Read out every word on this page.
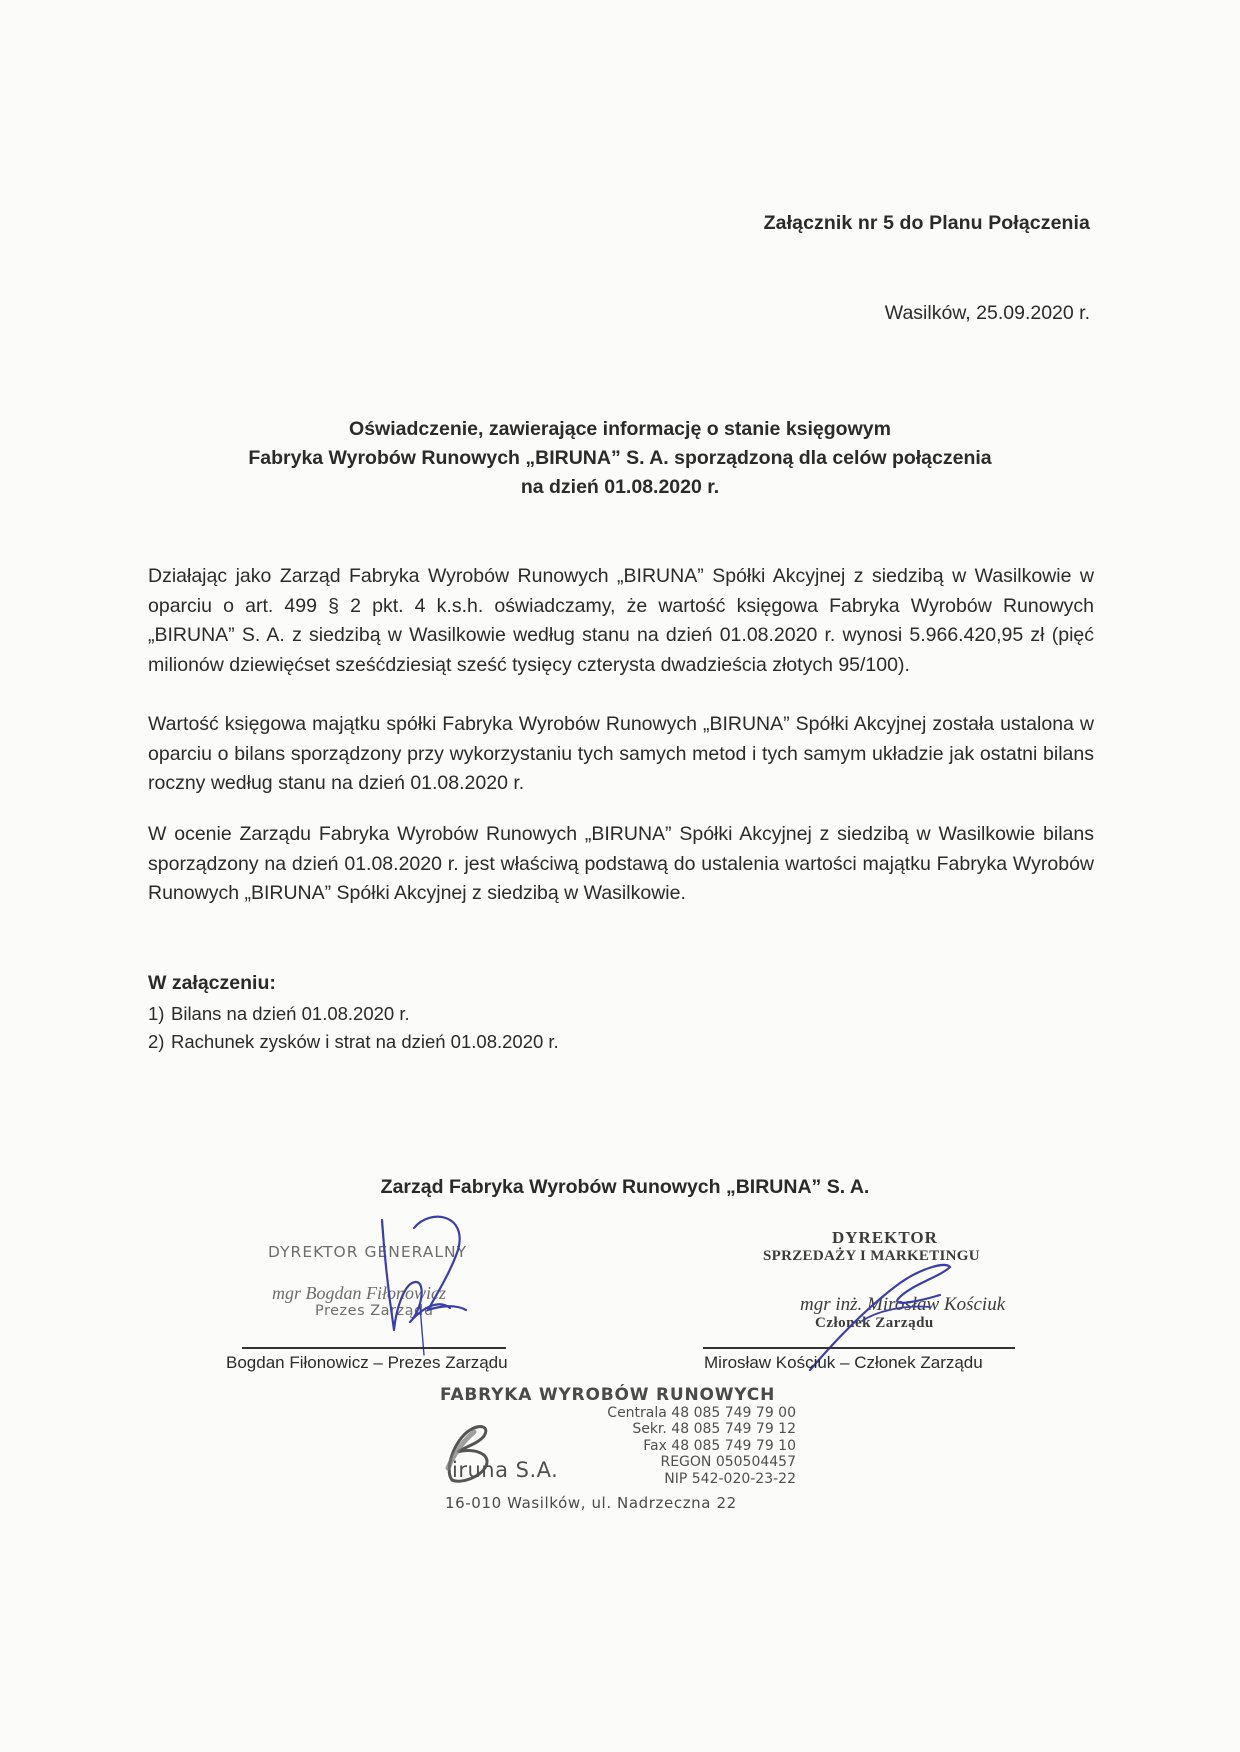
Załącznik nr 5 do Planu Połączenia
Wasilków, 25.09.2020 r.
Oświadczenie, zawierające informację o stanie księgowym
Fabryka Wyrobów Runowych „BIRUNA” S. A. sporządzoną dla celów połączenia
na dzień 01.08.2020 r.

Działając jako Zarząd Fabryka Wyrobów Runowych „BIRUNA” Spółki Akcyjnej z siedzibą w Wasilkowie w oparciu o art. 499 § 2 pkt. 4 k.s.h. oświadczamy, że wartość księgowa Fabryka Wyrobów Runowych „BIRUNA” S. A. z siedzibą w Wasilkowie według stanu na dzień 01.08.2020 r. wynosi 5.966.420,95 zł (pięć milionów dziewięćset sześćdziesiąt sześć tysięcy czterysta dwadzieścia złotych 95/100).

Wartość księgowa majątku spółki Fabryka Wyrobów Runowych „BIRUNA” Spółki Akcyjnej została ustalona w oparciu o bilans sporządzony przy wykorzystaniu tych samych metod i tych samym układzie jak ostatni bilans roczny według stanu na dzień 01.08.2020 r.

W ocenie Zarządu Fabryka Wyrobów Runowych „BIRUNA” Spółki Akcyjnej z siedzibą w Wasilkowie bilans sporządzony na dzień 01.08.2020 r. jest właściwą podstawą do ustalenia wartości majątku Fabryka Wyrobów Runowych „BIRUNA” Spółki Akcyjnej z siedzibą w Wasilkowie.

W załączeniu:
1) Bilans na dzień 01.08.2020 r.
2) Rachunek zysków i strat na dzień 01.08.2020 r.
Zarząd Fabryka Wyrobów Runowych „BIRUNA” S. A.
DYREKTOR GENERALNY
mgr Bogdan Fiłonowicz
Prezes Zarządu
DYREKTOR
SPRZEDAŻY I MARKETINGU
mgr inż. Mirosław Kościuk
Członek Zarządu
Bogdan Fiłonowicz – Prezes Zarządu	Mirosław Kościuk – Członek Zarządu
FABRYKA WYROBÓW RUNOWYCH
Centrala 48 085 749 79 00
Sekr. 48 085 749 79 12
Fax 48 085 749 79 10
REGON 050504457
NIP 542-020-23-22
iruna S.A.
16-010 Wasilków, ul. Nadrzeczna 22
